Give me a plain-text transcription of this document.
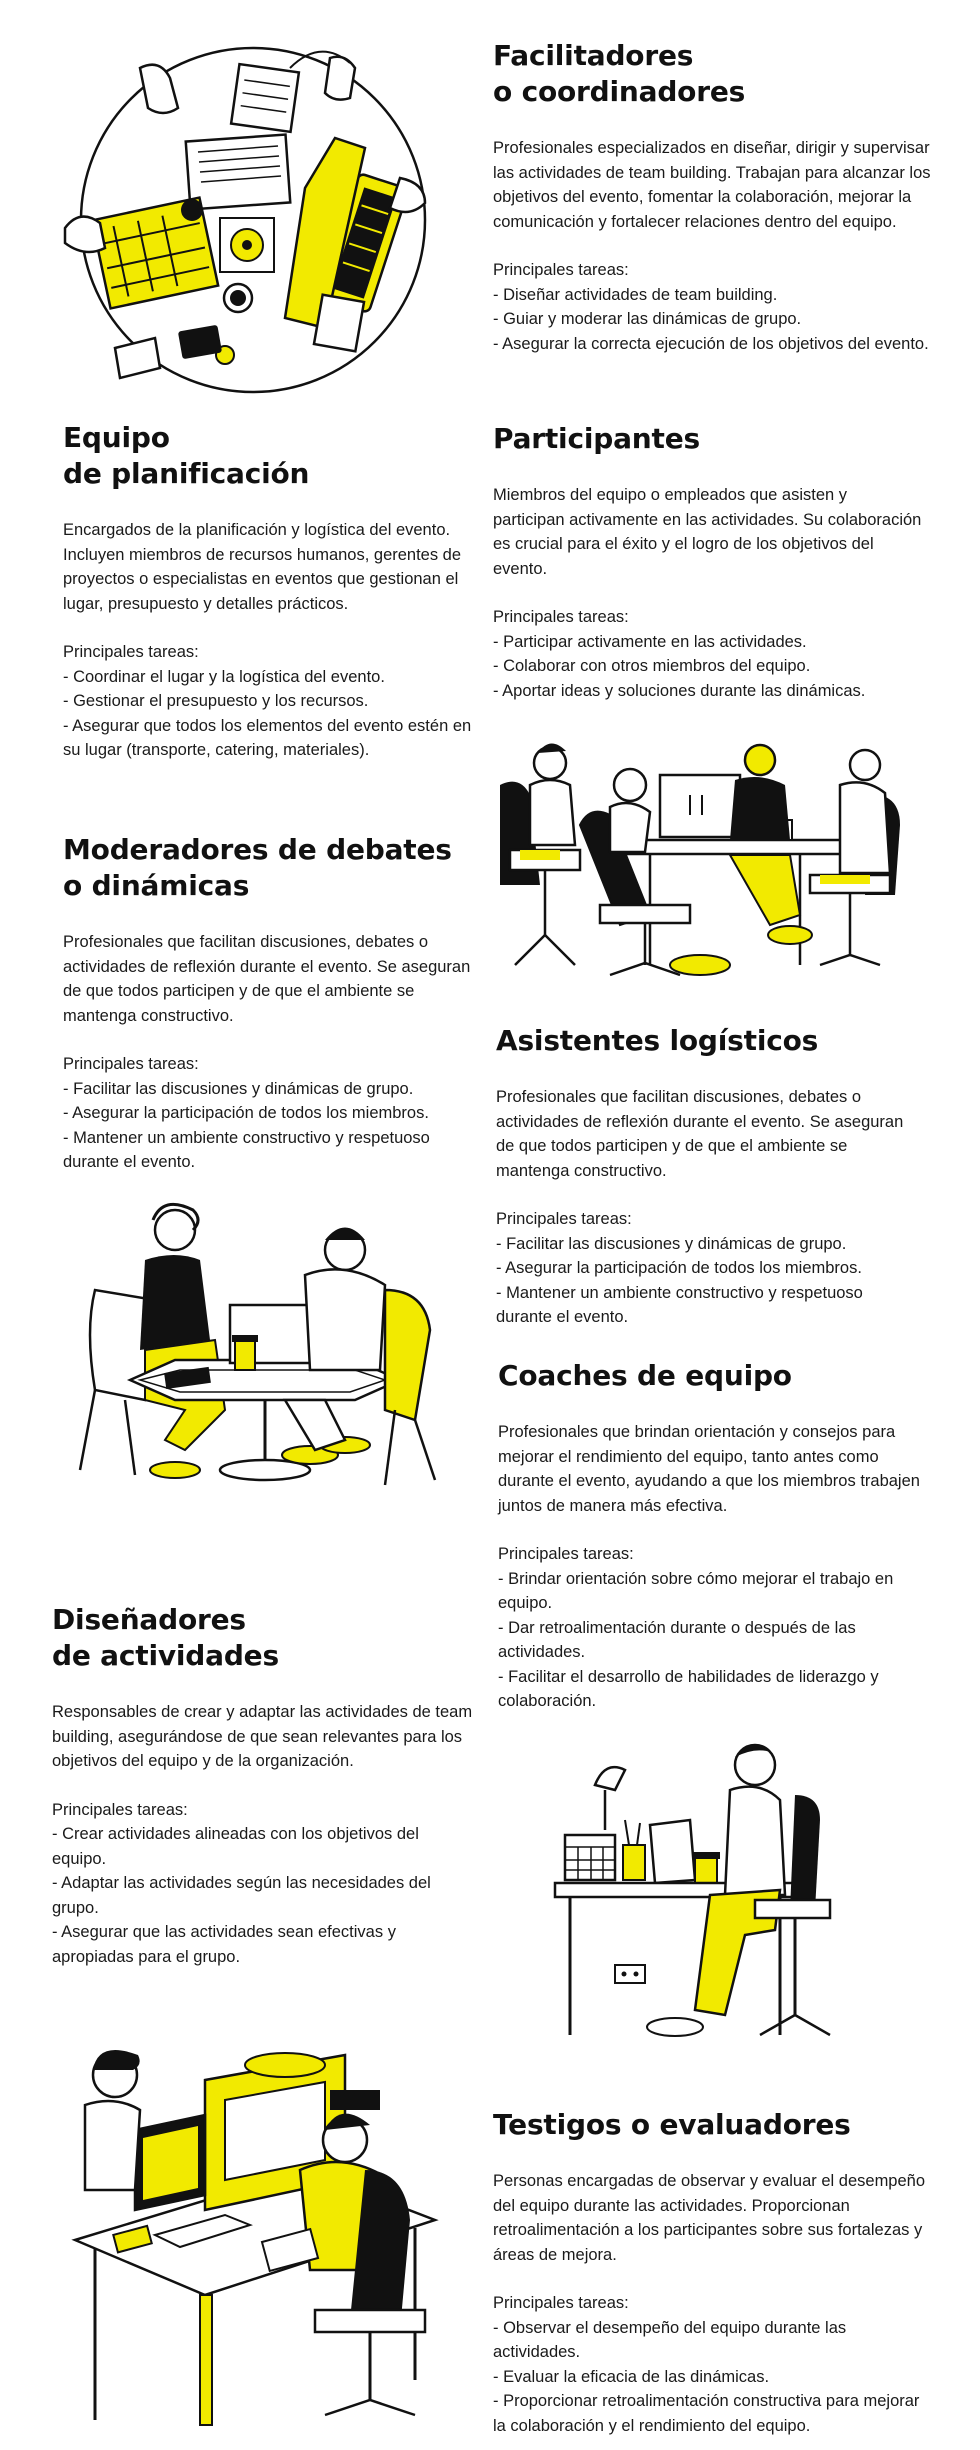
Facilitadores
o coordinadores

Profesionales especializados en diseñar, dirigir y supervisar las actividades de team building. Trabajan para alcanzar los objetivos del evento, fomentar la colaboración, mejorar la comunicación y fortalecer relaciones dentro del equipo.

Principales tareas:

- Diseñar actividades de team building.

- Guiar y moderar las dinámicas de grupo.

- Asegurar la correcta ejecución de los objetivos del evento.

Equipo
de planificación

Encargados de la planificación y logística del evento. Incluyen miembros de recursos humanos, gerentes de proyectos o especialistas en eventos que gestionan el lugar, presupuesto y detalles prácticos.

Principales tareas:

- Coordinar el lugar y la logística del evento.

- Gestionar el presupuesto y los recursos.

- Asegurar que todos los elementos del evento estén en su lugar (transporte, catering, materiales).

Participantes

Miembros del equipo o empleados que asisten y participan activamente en las actividades. Su colaboración es crucial para el éxito y el logro de los objetivos del evento.

Principales tareas:

- Participar activamente en las actividades.

- Colaborar con otros miembros del equipo.

- Aportar ideas y soluciones durante las dinámicas.

Moderadores de debates
o dinámicas

Profesionales que facilitan discusiones, debates o actividades de reflexión durante el evento. Se aseguran de que todos participen y de que el ambiente se mantenga constructivo.

Principales tareas:

- Facilitar las discusiones y dinámicas de grupo.

- Asegurar la participación de todos los miembros.

- Mantener un ambiente constructivo y respetuoso durante el evento.

Asistentes logísticos

Profesionales que facilitan discusiones, debates o actividades de reflexión durante el evento. Se aseguran de que todos participen y de que el ambiente se mantenga constructivo.

Principales tareas:

- Facilitar las discusiones y dinámicas de grupo.

- Asegurar la participación de todos los miembros.

- Mantener un ambiente constructivo y respetuoso durante el evento.

Coaches de equipo

Profesionales que brindan orientación y consejos para mejorar el rendimiento del equipo, tanto antes como durante el evento, ayudando a que los miembros trabajen juntos de manera más efectiva.

Principales tareas:

- Brindar orientación sobre cómo mejorar el trabajo en equipo.

- Dar retroalimentación durante o después de las actividades.

- Facilitar el desarrollo de habilidades de liderazgo y colaboración.

Diseñadores
de actividades

Responsables de crear y adaptar las actividades de team building, asegurándose de que sean relevantes para los objetivos del equipo y de la organización.

Principales tareas:

- Crear actividades alineadas con los objetivos del equipo.

- Adaptar las actividades según las necesidades del grupo.

- Asegurar que las actividades sean efectivas y apropiadas para el grupo.

Testigos o evaluadores

Personas encargadas de observar y evaluar el desempeño del equipo durante las actividades. Proporcionan retroalimentación a los participantes sobre sus fortalezas y áreas de mejora.

Principales tareas:

- Observar el desempeño del equipo durante las actividades.

- Evaluar la eficacia de las dinámicas.

- Proporcionar retroalimentación constructiva para mejorar la colaboración y el rendimiento del equipo.
